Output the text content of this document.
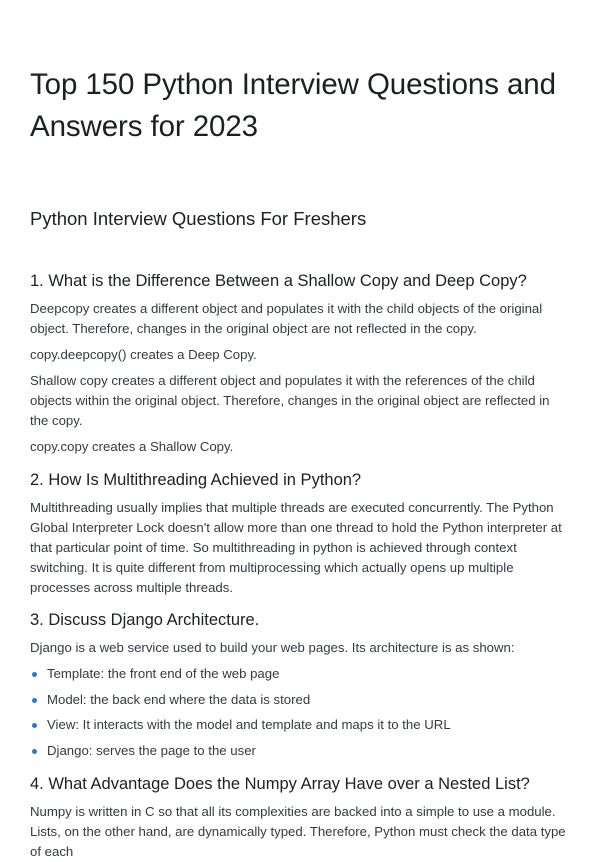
Top 150 Python Interview Questions and Answers for 2023
Python Interview Questions For Freshers
1. What is the Difference Between a Shallow Copy and Deep Copy?

Deepcopy creates a different object and populates it with the child objects of the original object. Therefore, changes in the original object are not reflected in the copy.

copy.deepcopy() creates a Deep Copy.

Shallow copy creates a different object and populates it with the references of the child objects within the original object. Therefore, changes in the original object are reflected in the copy.

copy.copy creates a Shallow Copy.

2. How Is Multithreading Achieved in Python?

Multithreading usually implies that multiple threads are executed concurrently. The Python Global Interpreter Lock doesn't allow more than one thread to hold the Python interpreter at that particular point of time. So multithreading in python is achieved through context switching. It is quite different from multiprocessing which actually opens up multiple processes across multiple threads.

3. Discuss Django Architecture.

Django is a web service used to build your web pages. Its architecture is as shown:

Template: the front end of the web page
Model: the back end where the data is stored
View: It interacts with the model and template and maps it to the URL
Django: serves the page to the user
4. What Advantage Does the Numpy Array Have over a Nested List?

Numpy is written in C so that all its complexities are backed into a simple to use a module. Lists, on the other hand, are dynamically typed. Therefore, Python must check the data type of each
